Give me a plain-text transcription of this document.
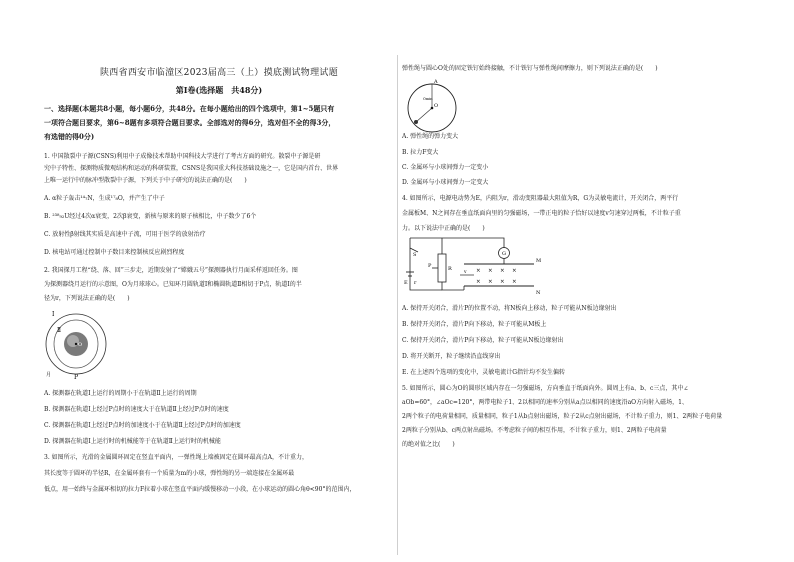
陕西省西安市临潼区2023届高三（上）摸底测试物理试题
第Ⅰ卷(选择题　共48分)
一、选择题(本题共8小题，每小题6分，共48分。在每小题给出的四个选项中，第1~5题只有
一项符合题目要求，第6~8题有多项符合题目要求。全部选对的得6分，选对但不全的得3分，
有选错的得0分)
1. 中国散裂中子源(CSNS)利用中子成像技术帮助中国科技大学进行了考古方面的研究。散裂中子源是研
究中子特性、探测物质微观结构和运动的科研装置，CSNS是我国重大科技基础设施之一，它是国内首台、世界
上唯一运行中的脉冲型散裂中子源，下列关于中子研究的说法正确的是(　　)
A. α粒子轰击¹⁴₇N，生成¹⁷₈O，并产生了中子
B. ²³⁸₉₂U经过4次α衰变，2次β衰变，新核与原来的原子核相比，中子数少了6个
C. 放射性β射线其实质是高速中子流，可用于医学的放射治疗
D. 核电站可通过控制中子数目来控制核反应剧烈程度
2. 我国探月工程“绕、落、回”三步走，近期发射了“嫦娥五号”探测器执行月面采样返回任务。图
为探测器绕月运行的示意图，O为月球球心。已知环月圆轨道Ⅰ和椭圆轨道Ⅱ相切于P点，轨道Ⅰ的半
径为r，下列说法正确的是(　　)
Ⅰ
Ⅱ
O
P
月
A. 探测器在轨道Ⅰ上运行的周期小于在轨道Ⅱ上运行的周期
B. 探测器在轨道Ⅰ上经过P点时的速度大于在轨道Ⅱ上经过P点时的速度
C. 探测器在轨道Ⅰ上经过P点时的加速度小于在轨道Ⅱ上经过P点时的加速度
D. 探测器在轨道Ⅰ上运行时的机械能等于在轨道Ⅱ上运行时的机械能
3. 如图所示，光滑的金属圆环固定在竖直平面内，一弹性绳上端被固定在圆环最高点A，不计重力，
其长度等于圆环的半径R，在金属环套有一个质量为m的小球，弹性绳的另一端连接在金属环最
低点，用一始终与金属环相切的拉力F拉着小球在竖直平面内缓慢移动一小段，在小球运动的圆心角θ<90°的范围内，
弹性绳与圆心O处的固定铁钉始终接触，不计铁钉与弹性绳间摩擦力，则下列说法正确的是(　　)
A
O
Omin
A. 弹性绳的弹力变大
B. 拉力F变大
C. 金属环与小球间弹力一定变小
D. 金属环与小球间弹力一定变大
4. 如图所示，电源电动势为E，内阻为r，滑动变阻器最大阻值为R，G为灵敏电流计，开关闭合，两平行
金属板M、N之间存在垂直纸面向里的匀强磁场，一带正电的粒子恰好以速度v匀速穿过两板，不计粒子重
力。以下说法中正确的是(　　)
S
P	R
E r
G
M
N
v × × × ×
× × × ×
A. 保持开关闭合，滑片P的位置不动，将N板向上移动，粒子可能从N板边缘射出
B. 保持开关闭合，滑片P向下移动，粒子可能从M板上
C. 保持开关闭合，滑片P向下移动，粒子可能从N板边缘射出
D. 将开关断开，粒子继续沿直线穿出
E. 在上述四个选项的变化中，灵敏电流计G指针均不发生偏转
5. 如图所示，圆心为O的圆形区域内存在一匀强磁场，方向垂直于纸面向外。圆周上有a、b、c三点，其中∠
aOb=60°，∠aOc=120°，两带电粒子1、2以相同的速率分别从a点以相同的速度沿aO方向射入磁场，1、
2两个粒子的电荷量相同，质量相同，粒子1从b点射出磁场，粒子2从c点射出磁场，不计粒子重力，则1、2两粒子电荷量
2两粒子分别从b、c两点射出磁场。不考虑粒子间的相互作用，不计粒子重力，则1、2两粒子电荷量
的绝对值之比(　　)
